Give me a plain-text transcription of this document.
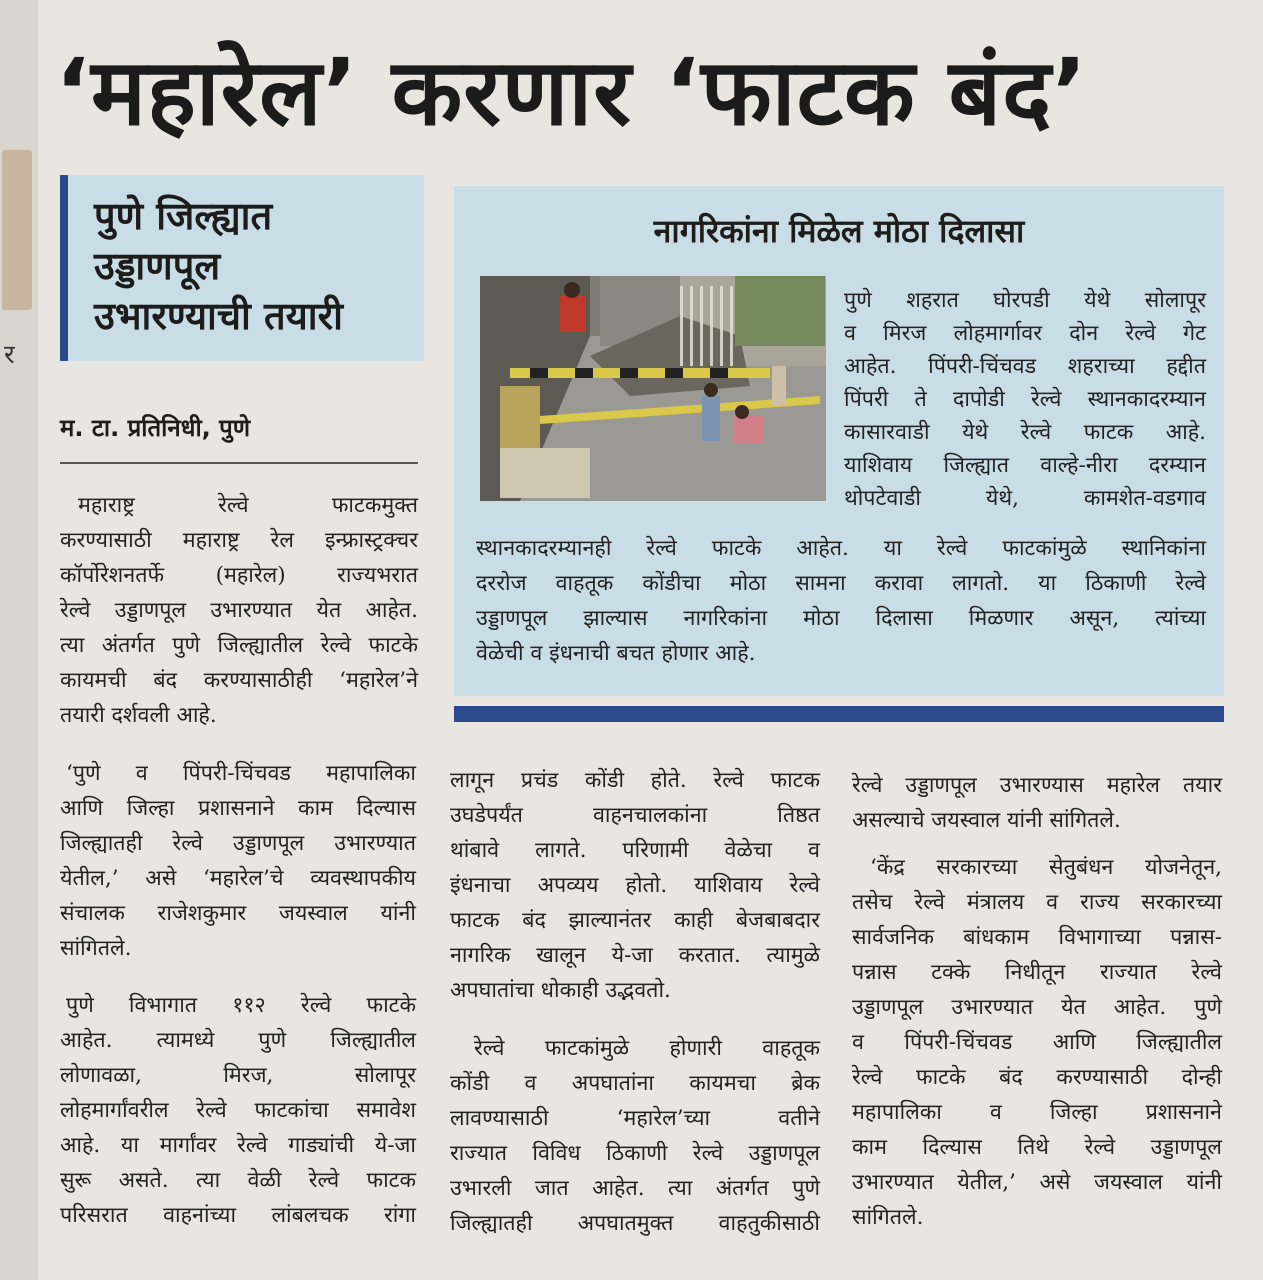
र
‘महारेल’ करणार ‘फाटक बंद’
पुणे जिल्ह्यात
उड्डाणपूल
उभारण्याची तयारी
म. टा. प्रतिनिधी, पुणे
नागरिकांना मिळेल मोठा दिलासा
पुणे शहरात घोरपडी येथे सोलापूर
व मिरज लोहमार्गावर दोन रेल्वे गेट
आहेत. पिंपरी-चिंचवड शहराच्या हद्दीत
पिंपरी ते दापोडी रेल्वे स्थानकादरम्यान
कासारवाडी येथे रेल्वे फाटक आहे.
याशिवाय जिल्ह्यात वाल्हे-नीरा दरम्यान
थोपटेवाडी येथे, कामशेत-वडगाव
स्थानकादरम्यानही रेल्वे फाटके आहेत. या रेल्वे फाटकांमुळे स्थानिकांना
दररोज वाहतूक कोंडीचा मोठा सामना करावा लागतो. या ठिकाणी रेल्वे
उड्डाणपूल झाल्यास नागरिकांना मोठा दिलासा मिळणार असून, त्यांच्या
वेळेची व इंधनाची बचत होणार आहे.
महाराष्ट्र रेल्वे फाटकमुक्त
करण्यासाठी महाराष्ट्र रेल इन्फ्रास्ट्रक्चर
कॉर्पोरेशनतर्फे (महारेल) राज्यभरात
रेल्वे उड्डाणपूल उभारण्यात येत आहेत.
त्या अंतर्गत पुणे जिल्ह्यातील रेल्वे फाटके
कायमची बंद करण्यासाठीही ‘महारेल’ने
तयारी दर्शवली आहे.
‘पुणे व पिंपरी-चिंचवड महापालिका
आणि जिल्हा प्रशासनाने काम दिल्यास
जिल्ह्यातही रेल्वे उड्डाणपूल उभारण्यात
येतील,’ असे ‘महारेल’चे व्यवस्थापकीय
संचालक राजेशकुमार जयस्वाल यांनी
सांगितले.
पुणे विभागात ११२ रेल्वे फाटके
आहेत. त्यामध्ये पुणे जिल्ह्यातील
लोणावळा, मिरज, सोलापूर
लोहमार्गांवरील रेल्वे फाटकांचा समावेश
आहे. या मार्गांवर रेल्वे गाड्यांची ये-जा
सुरू असते. त्या वेळी रेल्वे फाटक
परिसरात वाहनांच्या लांबलचक रांगा
लागून प्रचंड कोंडी होते. रेल्वे फाटक
उघडेपर्यंत वाहनचालकांना तिष्ठत
थांबावे लागते. परिणामी वेळेचा व
इंधनाचा अपव्यय होतो. याशिवाय रेल्वे
फाटक बंद झाल्यानंतर काही बेजबाबदार
नागरिक खालून ये-जा करतात. त्यामुळे
अपघातांचा धोकाही उद्भवतो.
रेल्वे फाटकांमुळे होणारी वाहतूक
कोंडी व अपघातांना कायमचा ब्रेक
लावण्यासाठी ‘महारेल’च्या वतीने
राज्यात विविध ठिकाणी रेल्वे उड्डाणपूल
उभारली जात आहेत. त्या अंतर्गत पुणे
जिल्ह्यातही अपघातमुक्त वाहतुकीसाठी
रेल्वे उड्डाणपूल उभारण्यास महारेल तयार
असल्याचे जयस्वाल यांनी सांगितले.
‘केंद्र सरकारच्या सेतुबंधन योजनेतून,
तसेच रेल्वे मंत्रालय व राज्य सरकारच्या
सार्वजनिक बांधकाम विभागाच्या पन्नास-
पन्नास टक्के निधीतून राज्यात रेल्वे
उड्डाणपूल उभारण्यात येत आहेत. पुणे
व पिंपरी-चिंचवड आणि जिल्ह्यातील
रेल्वे फाटके बंद करण्यासाठी दोन्ही
महापालिका व जिल्हा प्रशासनाने
काम दिल्यास तिथे रेल्वे उड्डाणपूल
उभारण्यात येतील,’ असे जयस्वाल यांनी
सांगितले.
